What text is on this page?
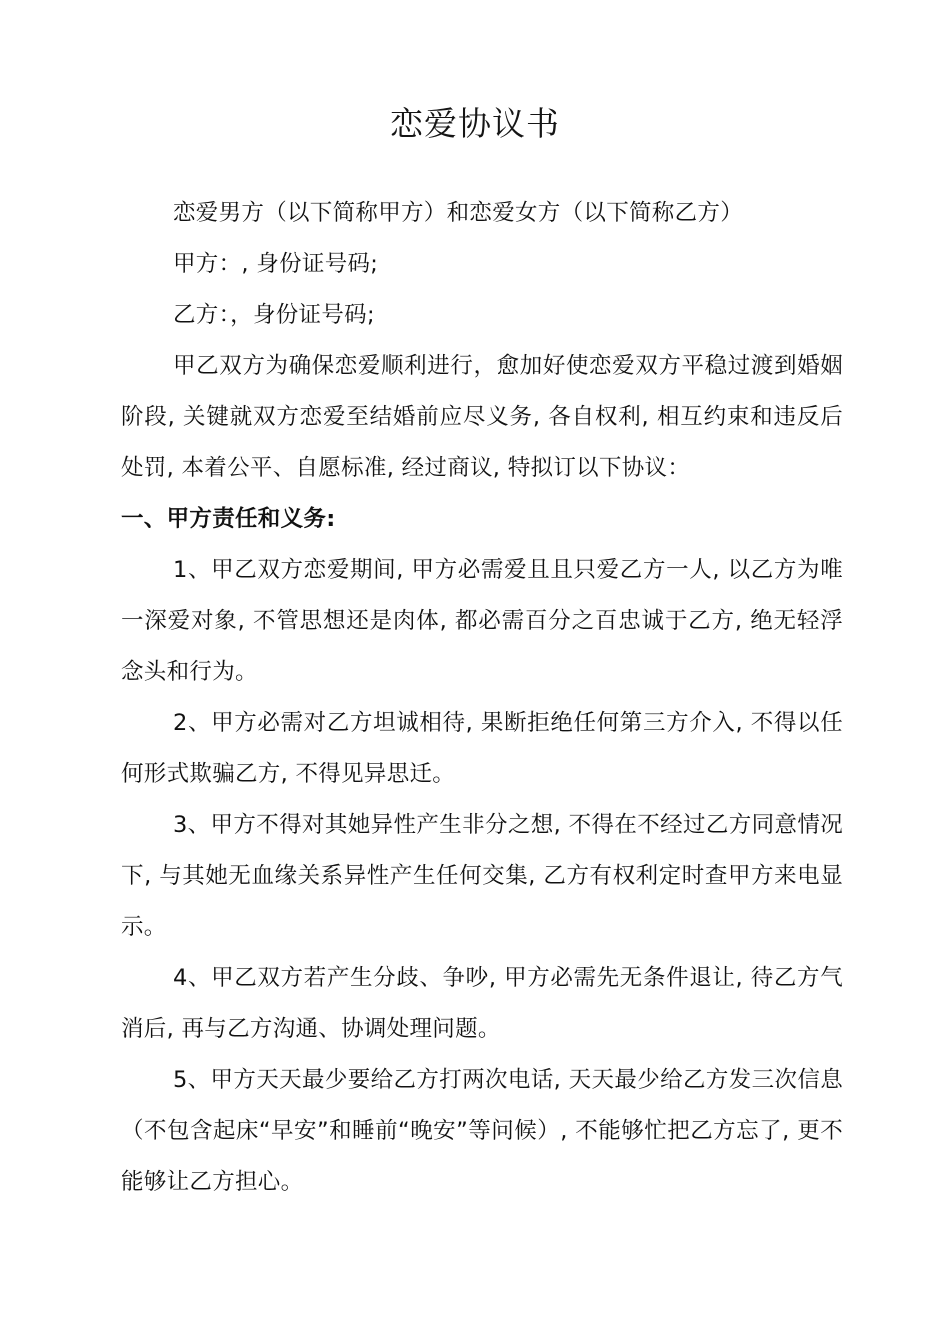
恋爱协议书

恋爱男方（以下简称甲方）和恋爱女方（以下简称乙方）

甲方：, 身份证号码;

乙方：，身份证号码;

甲乙双方为确保恋爱顺利进行，愈加好使恋爱双方平稳过渡到婚姻阶段, 关键就双方恋爱至结婚前应尽义务, 各自权利, 相互约束和违反后处罚, 本着公平、自愿标准, 经过商议, 特拟订以下协议：

一、甲方责任和义务:

1、甲乙双方恋爱期间, 甲方必需爱且且只爱乙方一人, 以乙方为唯一深爱对象, 不管思想还是肉体, 都必需百分之百忠诚于乙方, 绝无轻浮念头和行为。

2、甲方必需对乙方坦诚相待, 果断拒绝任何第三方介入, 不得以任何形式欺骗乙方, 不得见异思迁。

3、甲方不得对其她异性产生非分之想, 不得在不经过乙方同意情况下, 与其她无血缘关系异性产生任何交集, 乙方有权利定时查甲方来电显示。

4、甲乙双方若产生分歧、争吵, 甲方必需先无条件退让, 待乙方气消后, 再与乙方沟通、协调处理问题。

5、甲方天天最少要给乙方打两次电话, 天天最少给乙方发三次信息（不包含起床“早安”和睡前“晚安”等问候）, 不能够忙把乙方忘了, 更不能够让乙方担心。
